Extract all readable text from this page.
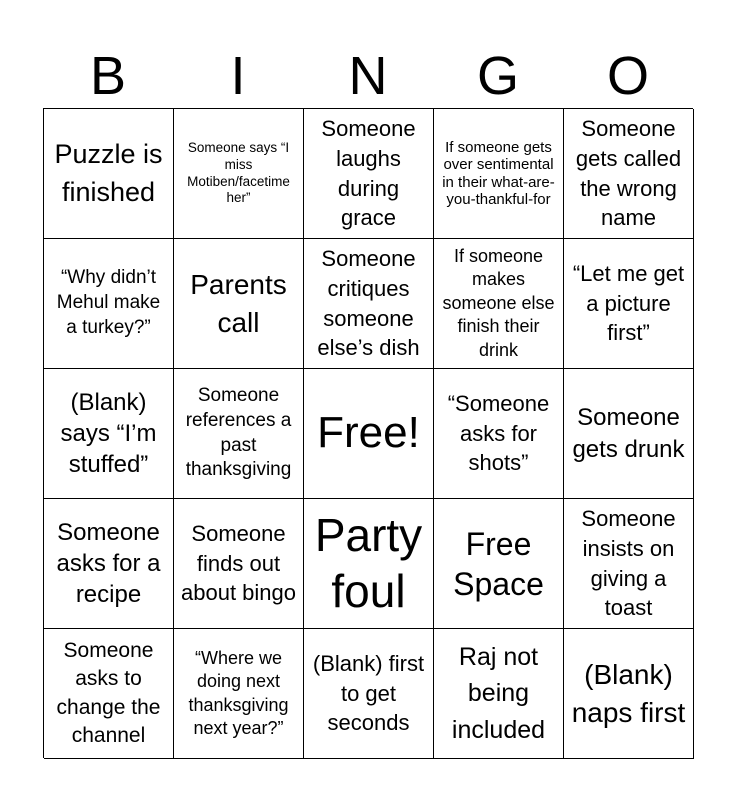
B	I	N	G	O
Puzzle is finished
Someone says “I miss Motiben/facetime her”
Someone laughs during grace
If someone gets over sentimental in their what-are-you-thankful-for
Someone gets called the wrong name
“Why didn’t Mehul make a turkey?”
Parents call
Someone critiques someone else’s dish
If someone makes someone else finish their drink
“Let me get a picture first”
(Blank) says “I’m stuffed”
Someone references a past thanksgiving
Free!
“Someone asks for shots”
Someone gets drunk
Someone asks for a recipe
Someone finds out about bingo
Party foul
Free Space
Someone insists on giving a toast
Someone asks to change the channel
“Where we doing next thanksgiving next year?”
(Blank) first to get seconds
Raj not being included
(Blank) naps first
